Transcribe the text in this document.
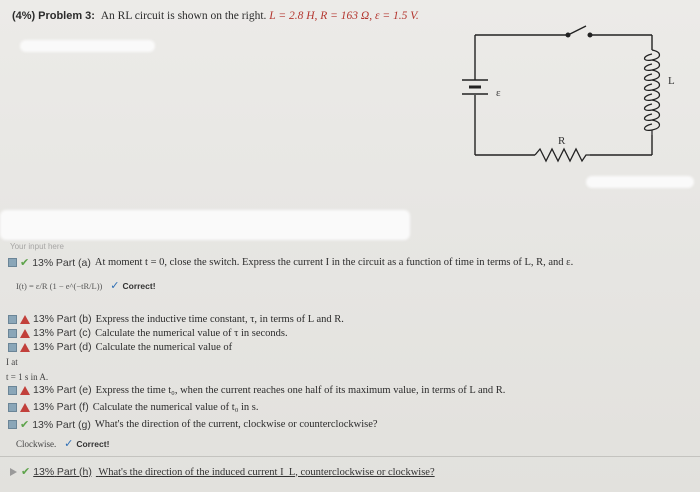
(4%) Problem 3: An RL circuit is shown on the right. L = 2.8 H, R = 163 Ω, ε = 1.5 V.
ε
R
L
Your input here
✔ 13%
Part (a) At moment t = 0, close the switch. Express the current I in the circuit as a function of time in terms of L, R, and ε.
I(t) = ε/R (1 − e^(−tR/L))
✓ Correct!
13%
Part (b) Express the inductive time constant, τ, in terms of L and R.
13%
Part (c) Calculate the numerical value of τ in seconds.
13%
Part (d) Calculate the numerical value of
I at
t = 1 s in A.
13%
Part (e) Express the time t₀, when the current reaches one half of its maximum value, in terms of L and R.
13%
Part (f) Calculate the numerical value of t₀ in s.
✔ 13%
Part (g) What's the direction of the current, clockwise or counterclockwise?
Clockwise.
✓ Correct!
✔ 13% Part (h) What's the direction of the induced current I_L, counterclockwise or clockwise?
